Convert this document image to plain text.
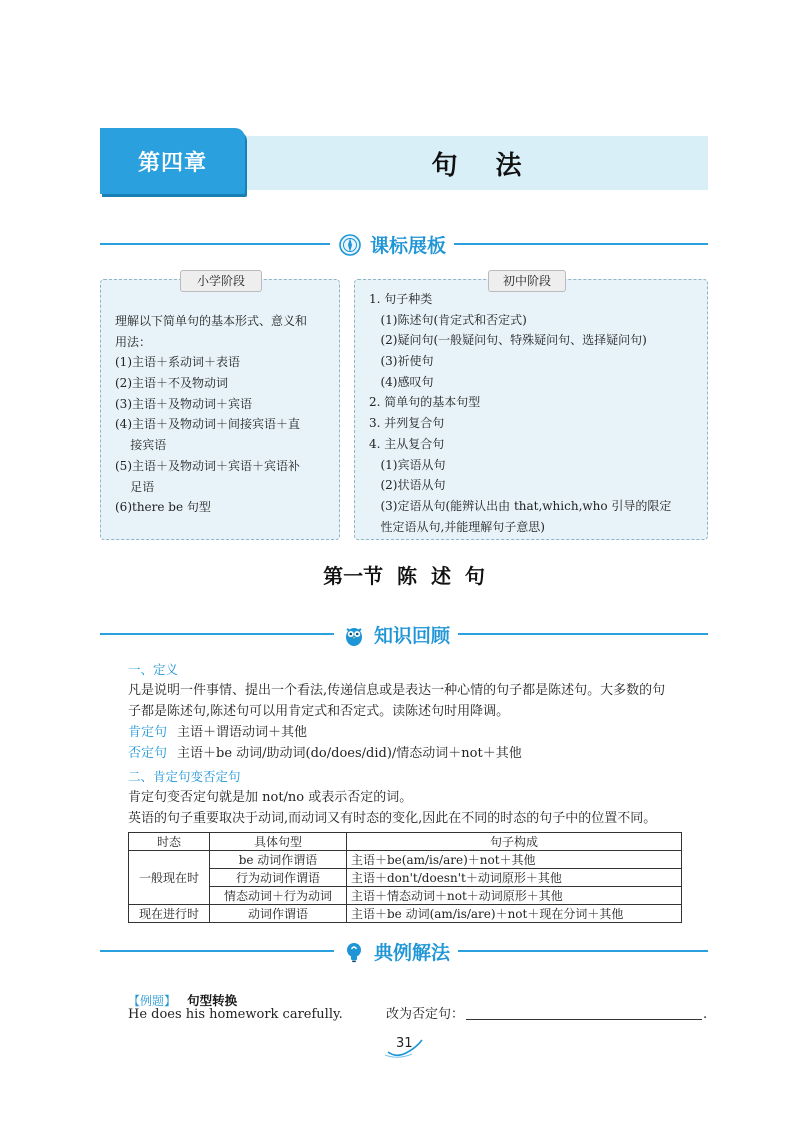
第四章	句法
课标展板
理解以下简单句的基本形式、意义和
用法：
(1)主语＋系动词＋表语
(2)主语＋不及物动词
(3)主语＋及物动词＋宾语
(4)主语＋及物动词＋间接宾语＋直
接宾语
(5)主语＋及物动词＋宾语＋宾语补
足语
(6)there be 句型
小学阶段
1. 句子种类
(1)陈述句(肯定式和否定式)
(2)疑问句(一般疑问句、特殊疑问句、选择疑问句)
(3)祈使句
(4)感叹句
2. 简单句的基本句型
3. 并列复合句
4. 主从复合句
(1)宾语从句
(2)状语从句
(3)定语从句(能辨认出由 that,which,who 引导的限定
性定语从句,并能理解句子意思)
初中阶段
第一节  陈  述  句
知识回顾
一、定义
凡是说明一件事情、提出一个看法,传递信息或是表达一种心情的句子都是陈述句。大多数的句
子都是陈述句,陈述句可以用肯定式和否定式。读陈述句时用降调。
肯定句 主语＋谓语动词＋其他
否定句 主语＋be 动词/助动词(do/does/did)/情态动词＋not＋其他
二、肯定句变否定句
肯定句变否定句就是加 not/no 或表示否定的词。
英语的句子重要取决于动词,而动词又有时态的变化,因此在不同的时态的句子中的位置不同。
时态	具体句型	句子构成
一般现在时	be 动词作谓语	主语＋be(am/is/are)＋not＋其他
	行为动词作谓语	主语＋don't/doesn't＋动词原形＋其他
	情态动词＋行为动词	主语＋情态动词＋not＋动词原形＋其他
现在进行时	动词作谓语	主语＋be 动词(am/is/are)＋not＋现在分词＋其他
典例解法
【例题】 句型转换
He does his homework carefully.	改为否定句：	.
31
